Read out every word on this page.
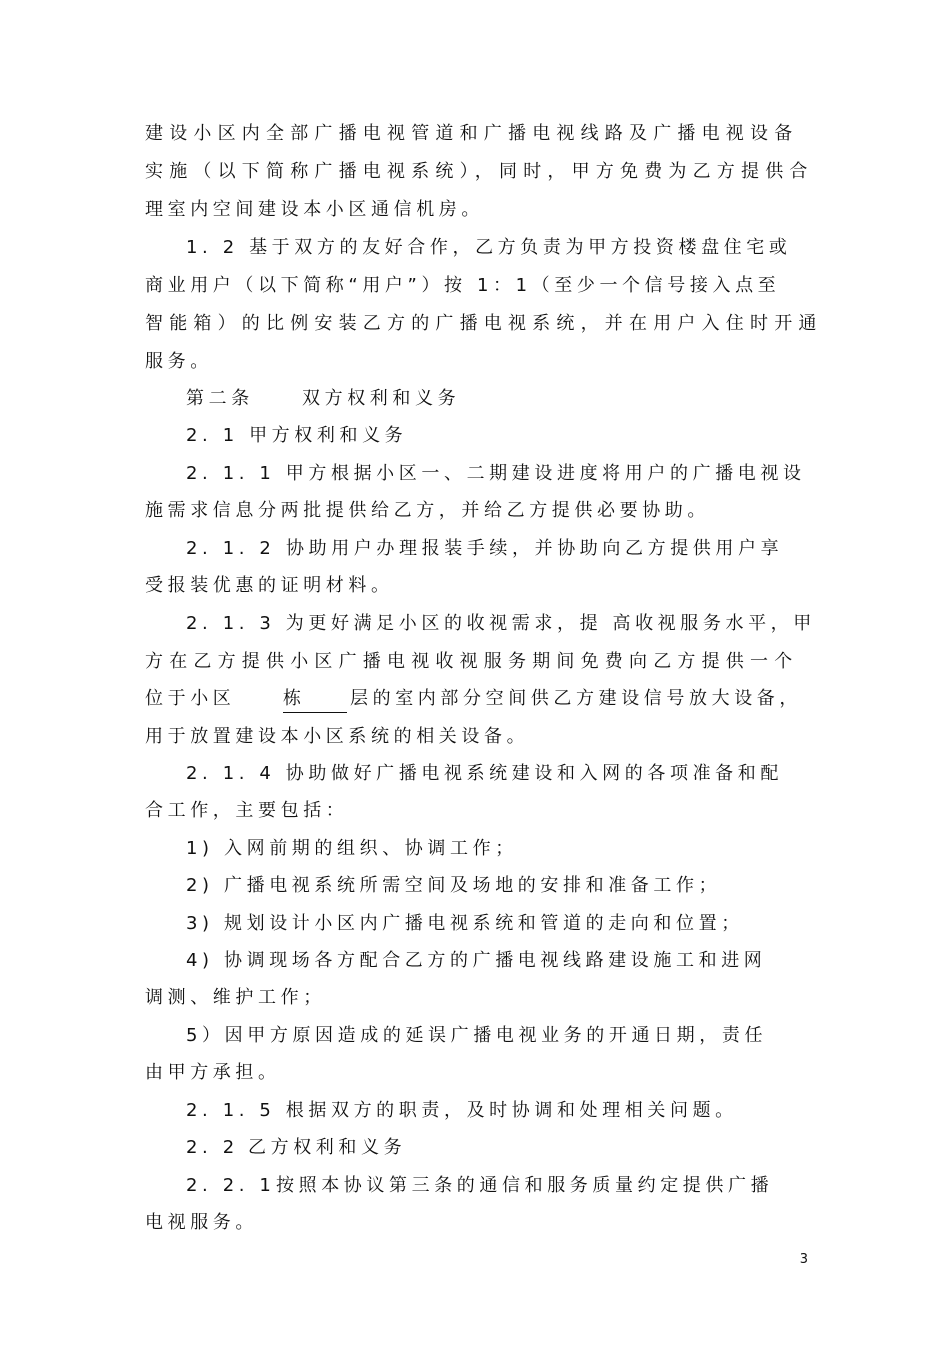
建设小区内全部广播电视管道和广播电视线路及广播电视设备
实施（以下简称广播电视系统），同时，甲方免费为乙方提供合
理室内空间建设本小区通信机房。
1. 2 基于双方的友好合作，乙方负责为甲方投资楼盘住宅或
商业用户（以下简称“用户”）按 1：1（至少一个信号接入点至
智能箱）的比例安装乙方的广播电视系统，并在用户入住时开通
服务。
第二条	双方权利和义务
2. 1 甲方权利和义务
2. 1. 1 甲方根据小区一、二期建设进度将用户的广播电视设
施需求信息分两批提供给乙方，并给乙方提供必要协助。
2. 1. 2 协助用户办理报装手续，并协助向乙方提供用户享
受报装优惠的证明材料。
2. 1. 3 为更好满足小区的收视需求，提 高收视服务水平，甲
方在乙方提供小区广播电视收视服务期间免费向乙方提供一个
位于小区	栋	层的室内部分空间供乙方建设信号放大设备，
用于放置建设本小区系统的相关设备。
2. 1. 4 协助做好广播电视系统建设和入网的各项准备和配
合工作，主要包括：
1) 入网前期的组织、协调工作；
2) 广播电视系统所需空间及场地的安排和准备工作；
3) 规划设计小区内广播电视系统和管道的走向和位置；
4) 协调现场各方配合乙方的广播电视线路建设施工和进网
调测、维护工作；
5）因甲方原因造成的延误广播电视业务的开通日期，责任
由甲方承担。
2. 1. 5 根据双方的职责，及时协调和处理相关问题。
2. 2 乙方权利和义务
2. 2. 1 按照本协议第三条的通信和服务质量约定提供广播
电视服务。
3
